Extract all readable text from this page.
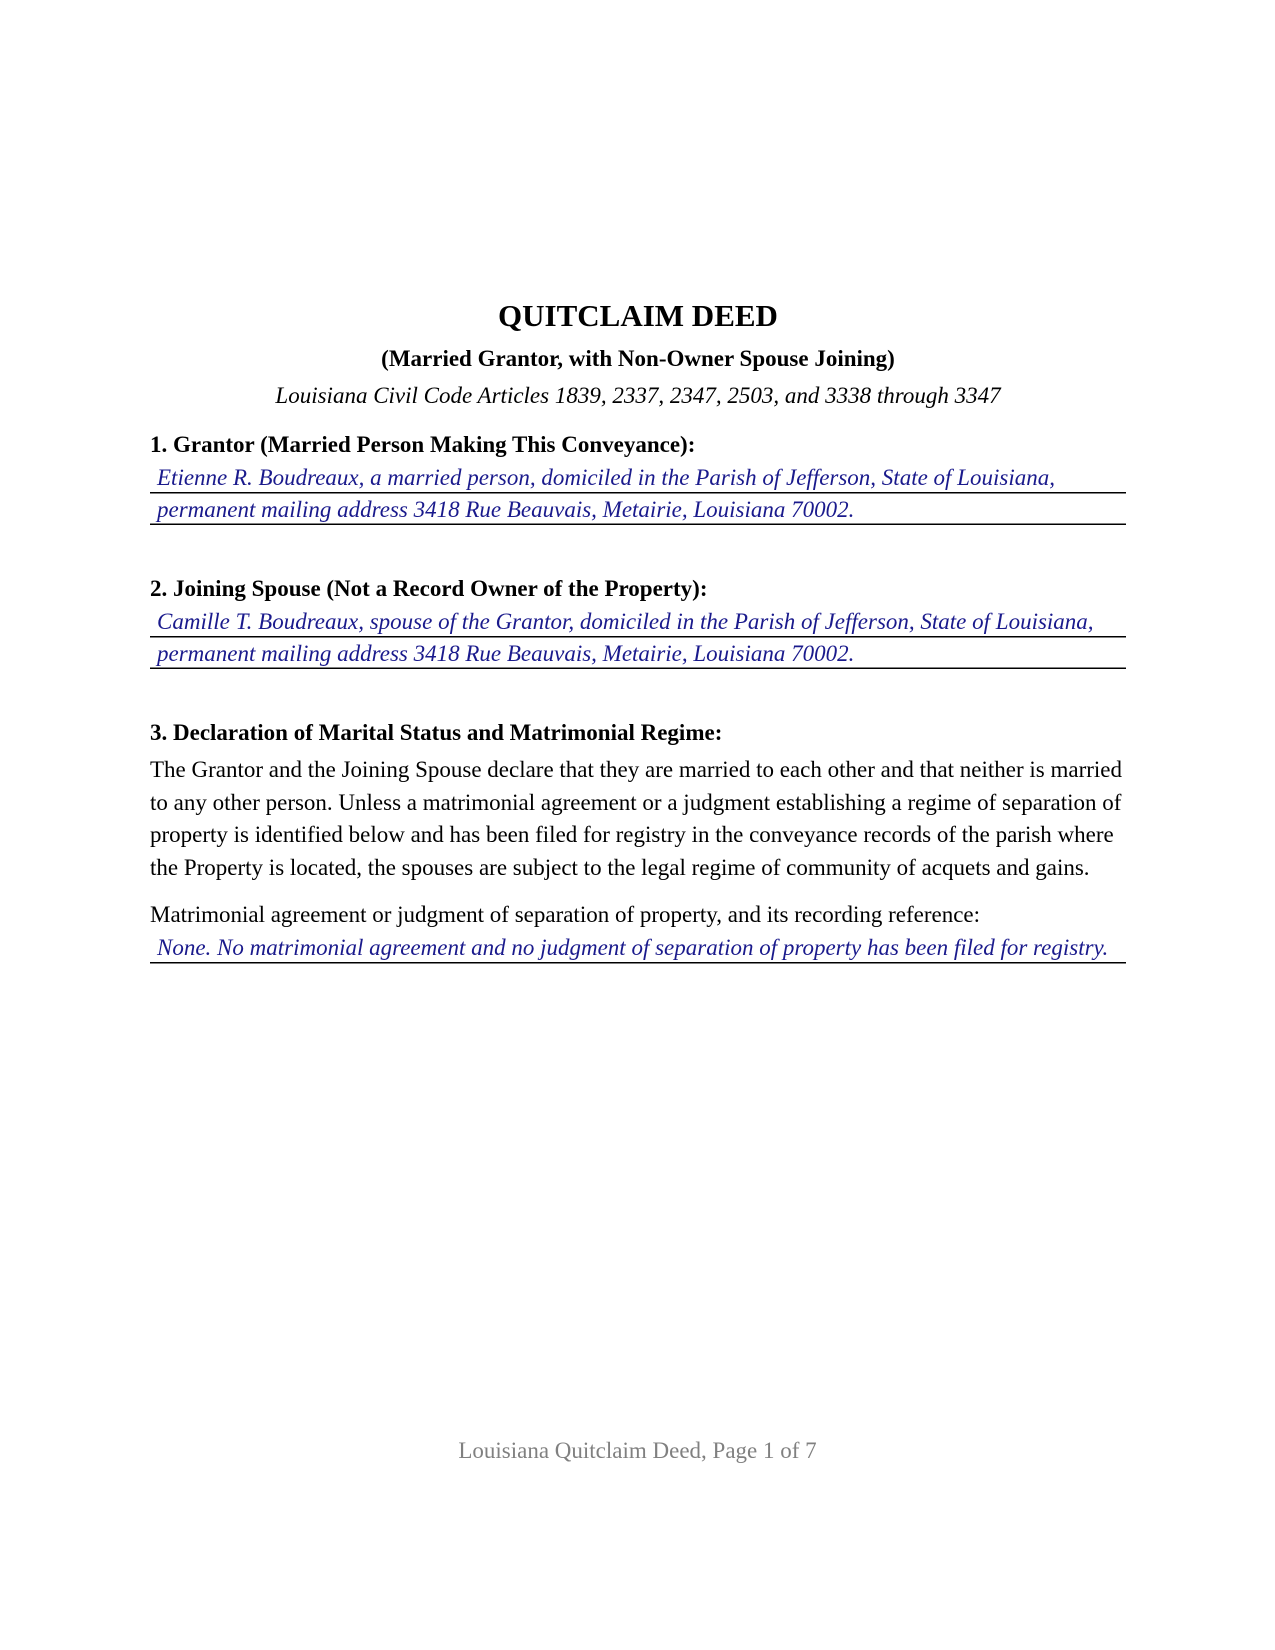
QUITCLAIM DEED
(Married Grantor, with Non-Owner Spouse Joining)
Louisiana Civil Code Articles 1839, 2337, 2347, 2503, and 3338 through 3347
1. Grantor (Married Person Making This Conveyance):
Etienne R. Boudreaux, a married person, domiciled in the Parish of Jefferson, State of Louisiana, permanent mailing address 3418 Rue Beauvais, Metairie, Louisiana 70002.
2. Joining Spouse (Not a Record Owner of the Property):
Camille T. Boudreaux, spouse of the Grantor, domiciled in the Parish of Jefferson, State of Louisiana, permanent mailing address 3418 Rue Beauvais, Metairie, Louisiana 70002.
3. Declaration of Marital Status and Matrimonial Regime:

The Grantor and the Joining Spouse declare that they are married to each other and that neither is married to any other person. Unless a matrimonial agreement or a judgment establishing a regime of separation of property is identified below and has been filed for registry in the conveyance records of the parish where the Property is located, the spouses are subject to the legal regime of community of acquets and gains.

Matrimonial agreement or judgment of separation of property, and its recording reference:

None. No matrimonial agreement and no judgment of separation of property has been filed for registry.
Louisiana Quitclaim Deed, Page 1 of 7
